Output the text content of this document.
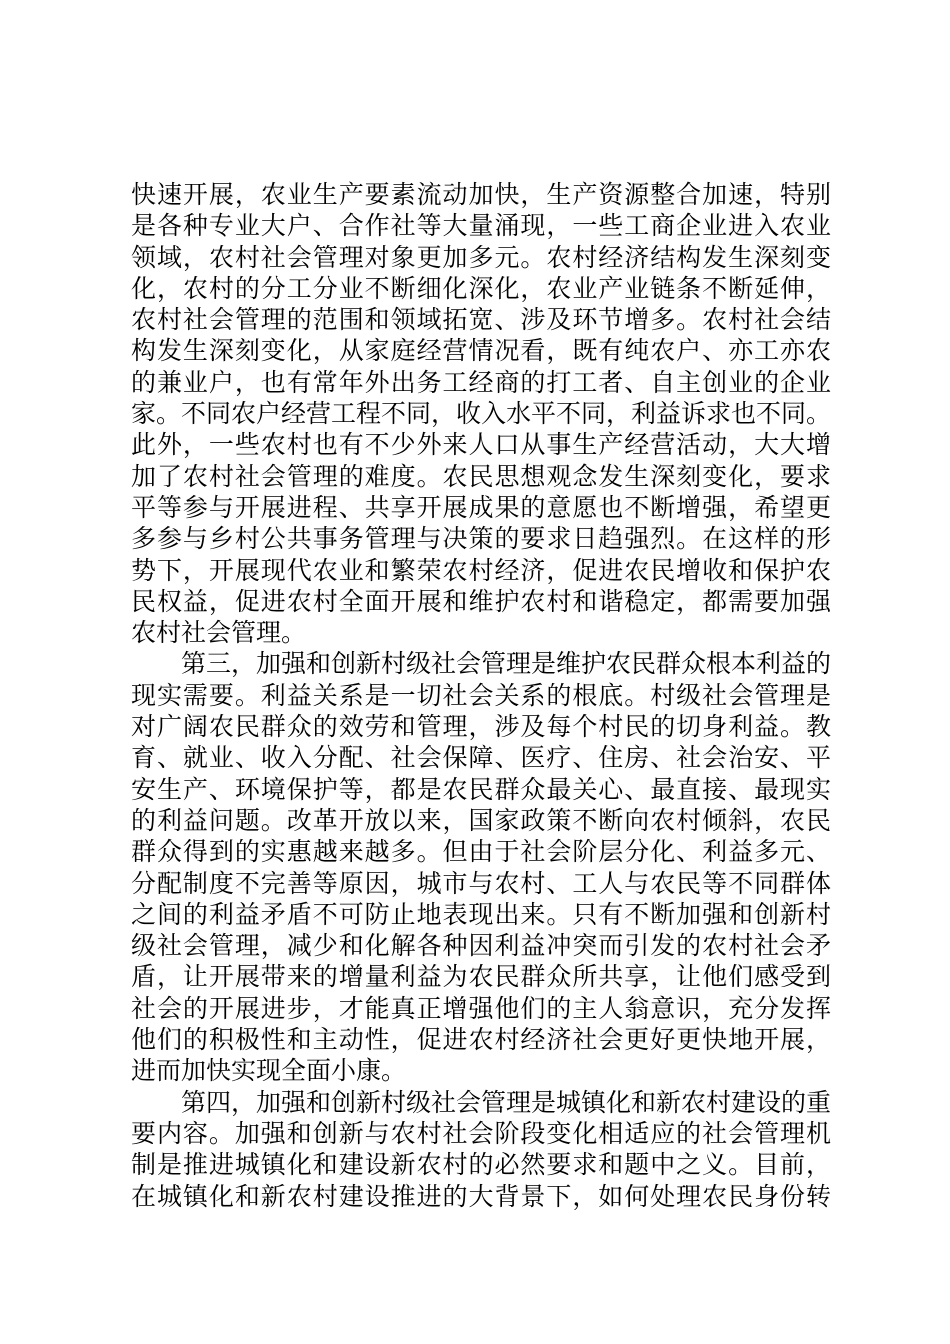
快速开展，农业生产要素流动加快，生产资源整合加速，特别
是各种专业大户、合作社等大量涌现，一些工商企业进入农业
领域，农村社会管理对象更加多元。农村经济结构发生深刻变
化，农村的分工分业不断细化深化，农业产业链条不断延伸，
农村社会管理的范围和领域拓宽、涉及环节增多。农村社会结
构发生深刻变化，从家庭经营情况看，既有纯农户、亦工亦农
的兼业户，也有常年外出务工经商的打工者、自主创业的企业
家。不同农户经营工程不同，收入水平不同，利益诉求也不同。
此外，一些农村也有不少外来人口从事生产经营活动，大大增
加了农村社会管理的难度。农民思想观念发生深刻变化，要求
平等参与开展进程、共享开展成果的意愿也不断增强，希望更
多参与乡村公共事务管理与决策的要求日趋强烈。在这样的形
势下，开展现代农业和繁荣农村经济，促进农民增收和保护农
民权益，促进农村全面开展和维护农村和谐稳定，都需要加强
农村社会管理。
第三，加强和创新村级社会管理是维护农民群众根本利益的
现实需要。利益关系是一切社会关系的根底。村级社会管理是
对广阔农民群众的效劳和管理，涉及每个村民的切身利益。教
育、就业、收入分配、社会保障、医疗、住房、社会治安、平
安生产、环境保护等，都是农民群众最关心、最直接、最现实
的利益问题。改革开放以来，国家政策不断向农村倾斜，农民
群众得到的实惠越来越多。但由于社会阶层分化、利益多元、
分配制度不完善等原因，城市与农村、工人与农民等不同群体
之间的利益矛盾不可防止地表现出来。只有不断加强和创新村
级社会管理，减少和化解各种因利益冲突而引发的农村社会矛
盾，让开展带来的增量利益为农民群众所共享，让他们感受到
社会的开展进步，才能真正增强他们的主人翁意识，充分发挥
他们的积极性和主动性，促进农村经济社会更好更快地开展，
进而加快实现全面小康。
第四，加强和创新村级社会管理是城镇化和新农村建设的重
要内容。加强和创新与农村社会阶段变化相适应的社会管理机
制是推进城镇化和建设新农村的必然要求和题中之义。目前，
在城镇化和新农村建设推进的大背景下，如何处理农民身份转
